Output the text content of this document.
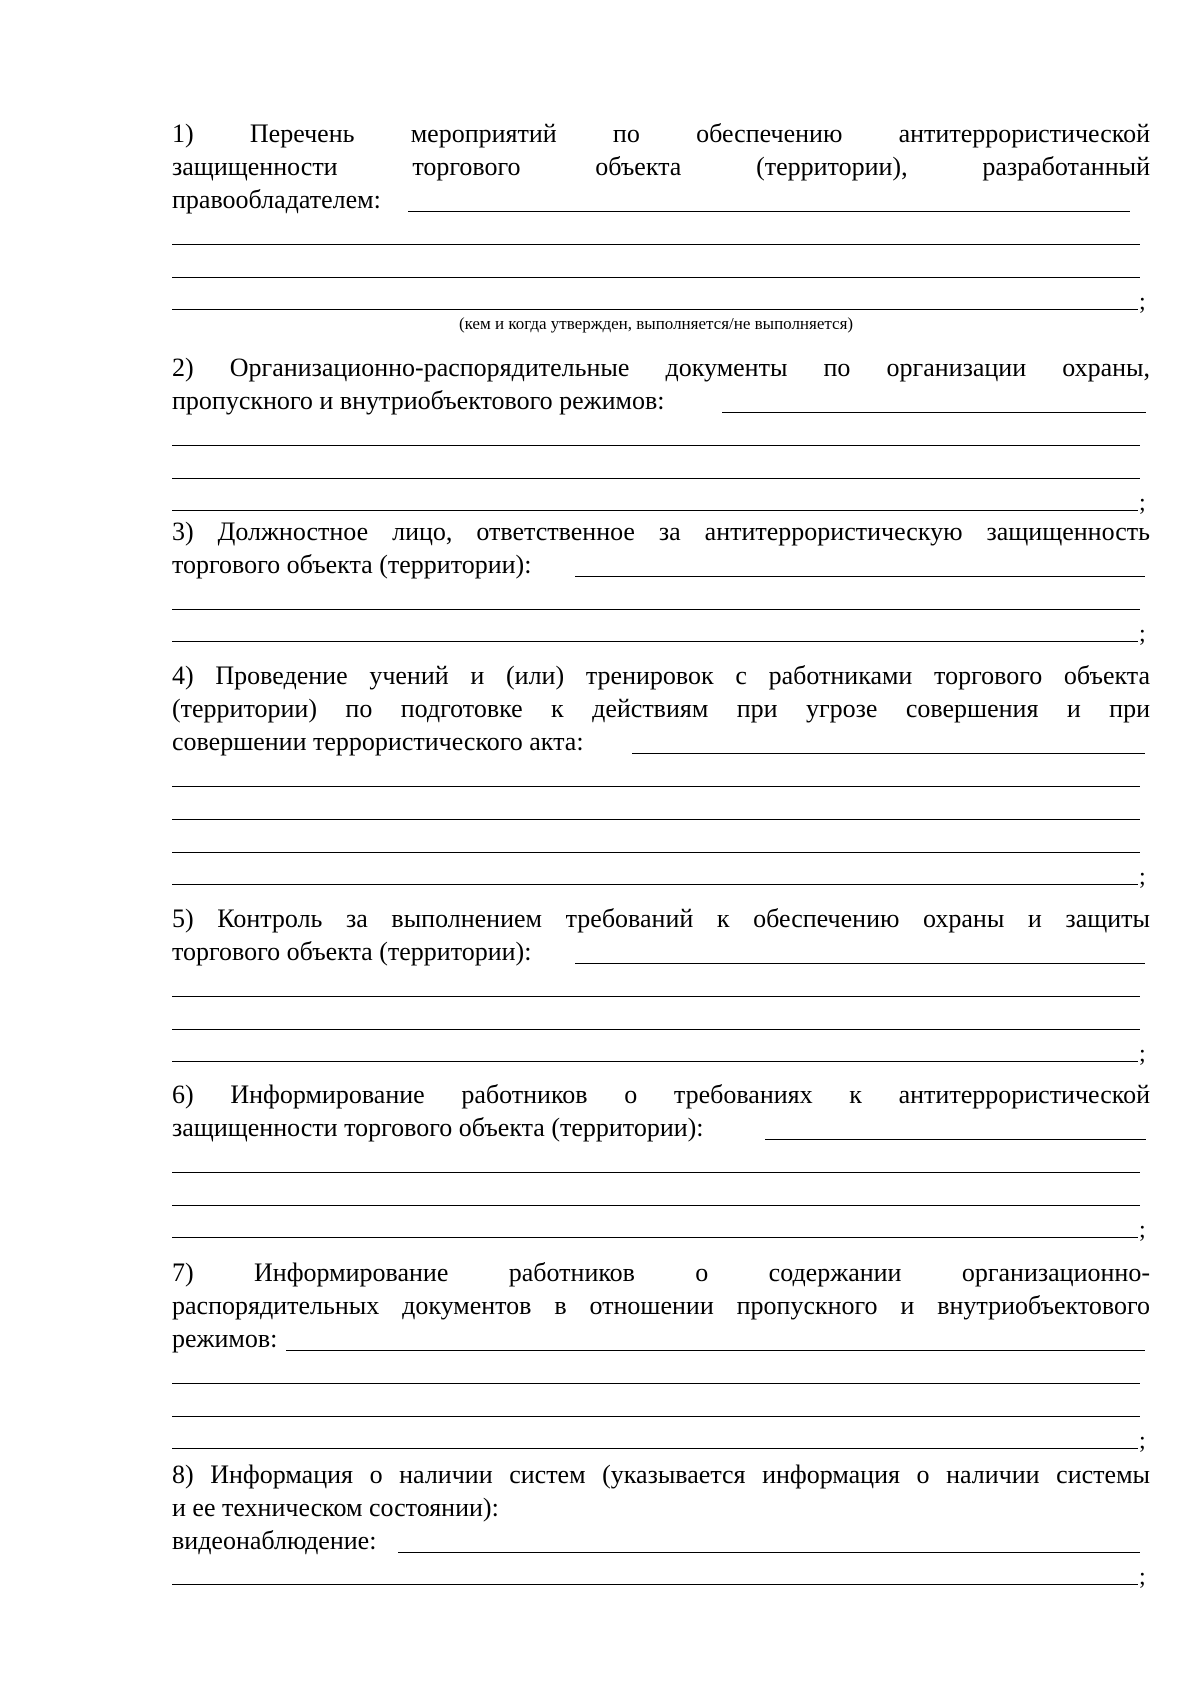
1) Перечень мероприятий по обеспечению антитеррористической
защищенности торгового объекта (территории), разработанный
правообладателем:
;
(кем и когда утвержден, выполняется/не выполняется)
2) Организационно-распорядительные документы по организации охраны,
пропускного и внутриобъектового режимов:
;
3) Должностное лицо, ответственное за антитеррористическую защищенность
торгового объекта (территории):
;
4) Проведение учений и (или) тренировок с работниками торгового объекта
(территории) по подготовке к действиям при угрозе совершения и при
совершении террористического акта:
;
5) Контроль за выполнением требований к обеспечению охраны и защиты
торгового объекта (территории):
;
6) Информирование работников о требованиях к антитеррористической
защищенности торгового объекта (территории):
;
7) Информирование работников о содержании организационно-
распорядительных документов в отношении пропускного и внутриобъектового
режимов:
;
8) Информация о наличии систем (указывается информация о наличии системы
и ее техническом состоянии):
видеонаблюдение:
;
